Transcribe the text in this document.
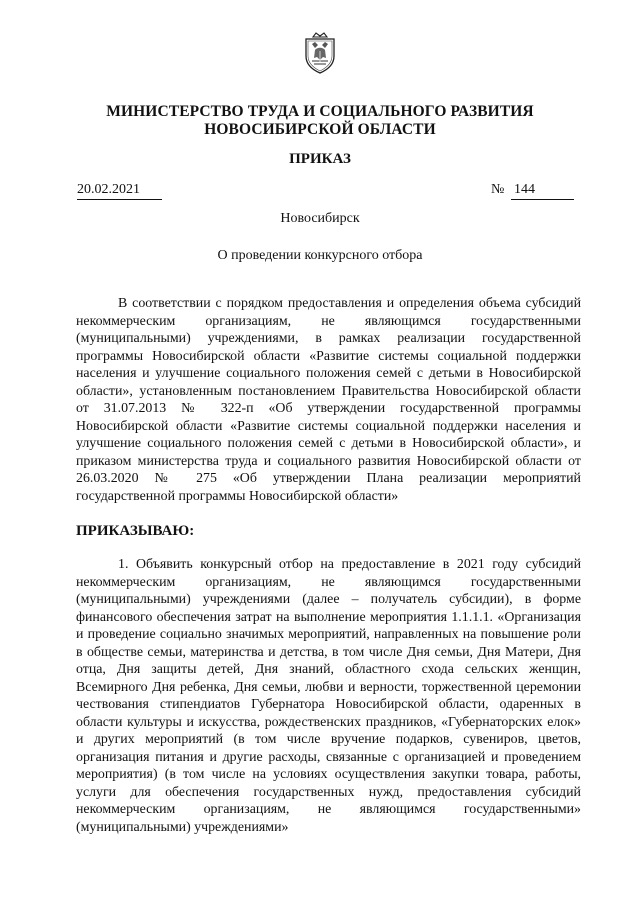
МИНИСТЕРСТВО ТРУДА И СОЦИАЛЬНОГО РАЗВИТИЯ
НОВОСИБИРСКОЙ ОБЛАСТИ
ПРИКАЗ
20.02.2021	№ 144
Новосибирск
О проведении конкурсного отбора
В соответствии с порядком предоставления и определения объема субсидий некоммерческим организациям, не являющимся государственными (муниципальными) учреждениями, в рамках реализации государственной программы Новосибирской области «Развитие системы социальной поддержки населения и улучшение социального положения семей с детьми в Новосибирской области», установленным постановлением Правительства Новосибирской области от 31.07.2013 № 322-п «Об утверждении государственной программы Новосибирской области «Развитие системы социальной поддержки населения и улучшение социального положения семей с детьми в Новосибирской области», и приказом министерства труда и социального развития Новосибирской области от 26.03.2020 № 275 «Об утверждении Плана реализации мероприятий государственной программы Новосибирской области»
ПРИКАЗЫВАЮ:
1. Объявить конкурсный отбор на предоставление в 2021 году субсидий некоммерческим организациям, не являющимся государственными (муниципальными) учреждениями (далее – получатель субсидии), в форме финансового обеспечения затрат на выполнение мероприятия 1.1.1.1. «Организация и проведение социально значимых мероприятий, направленных на повышение роли в обществе семьи, материнства и детства, в том числе Дня семьи, Дня Матери, Дня отца, Дня защиты детей, Дня знаний, областного схода сельских женщин, Всемирного Дня ребенка, Дня семьи, любви и верности, торжественной церемонии чествования стипендиатов Губернатора Новосибирской области, одаренных в области культуры и искусства, рождественских праздников, «Губернаторских елок» и других мероприятий (в том числе вручение подарков, сувениров, цветов, организация питания и другие расходы, связанные с организацией и проведением мероприятия) (в том числе на условиях осуществления закупки товара, работы, услуги для обеспечения государственных нужд, предоставления субсидий некоммерческим организациям, не являющимся государственными» (муниципальными) учреждениями»
